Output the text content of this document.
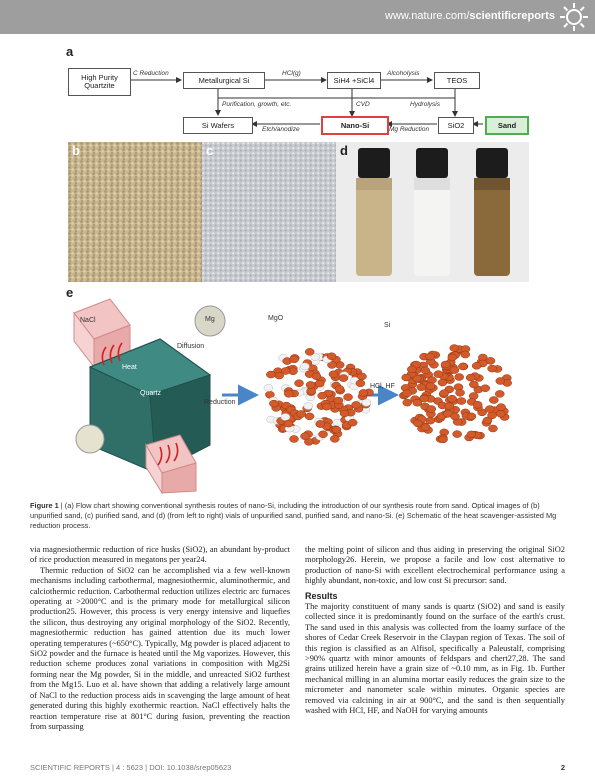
www.nature.com/scientificreports
a
High Purity Quartzite
Metallurgical Si	SiH4 +SiCl4	TEOS
Si Wafers	Nano-Si	SiO2	Sand
C Reduction	HCl(g)	Alcoholysis
Purification, growth, etc.	CVD	Hydrolysis
Etch/anodize	Mg Reduction
b	c	d
e
NaCl	Mg
Heat
Diffusion
Quartz
Reduction
MgO
Si
HCl, HF
Figure 1 | (a) Flow chart showing conventional synthesis routes of nano-Si, including the introduction of our synthesis route from sand. Optical images of (b) unpurified sand, (c) purified sand, and (d) (from left to right) vials of unpurified sand, purified sand, and nano-Si. (e) Schematic of the heat scavenger-assisted Mg reduction process.

via magnesiothermic reduction of rice husks (SiO2), an abundant by-product of rice production measured in megatons per year24.

Thermic reduction of SiO2 can be accomplished via a few well-known mechanisms including carbothermal, magnesiothermic, aluminothermic, and calciothermic reduction. Carbothermal reduction utilizes electric arc furnaces operating at >2000°C and is the primary mode for metallurgical silicon production25. However, this process is very energy intensive and liquefies the silicon, thus destroying any original morphology of the SiO2. Recently, magnesiothermic reduction has gained attention due its much lower operating temperatures (~650°C). Typically, Mg powder is placed adjacent to SiO2 powder and the furnace is heated until the Mg vaporizes. However, this reduction scheme produces zonal variations in composition with Mg2Si forming near the Mg powder, Si in the middle, and unreacted SiO2 furthest from the Mg15. Luo et al. have shown that adding a relatively large amount of NaCl to the reduction process aids in scavenging the large amount of heat generated during this highly exothermic reaction. NaCl effectively halts the reaction temperature rise at 801°C during fusion, preventing the reaction from surpassing

the melting point of silicon and thus aiding in preserving the original SiO2 morphology26. Herein, we propose a facile and low cost alternative to production of nano-Si with excellent electrochemical performance using a highly abundant, non-toxic, and low cost Si precursor: sand.

Results

The majority constituent of many sands is quartz (SiO2) and sand is easily collected since it is predominantly found on the surface of the earth's crust. The sand used in this analysis was collected from the loamy surface of the shores of Cedar Creek Reservoir in the Claypan region of Texas. The soil of this region is classified as an Alfisol, specifically a Paleustalf, comprising >90% quartz with minor amounts of feldspars and chert27,28. The sand grains utilized herein have a grain size of ~0.10 mm, as in Fig. 1b. Further mechanical milling in an alumina mortar easily reduces the grain size to the micrometer and nanometer scale within minutes. Organic species are removed via calcining in air at 900°C, and the sand is then sequentially washed with HCl, HF, and NaOH for varying amounts

SCIENTIFIC REPORTS | 4 : 5623 | DOI: 10.1038/srep05623	2
